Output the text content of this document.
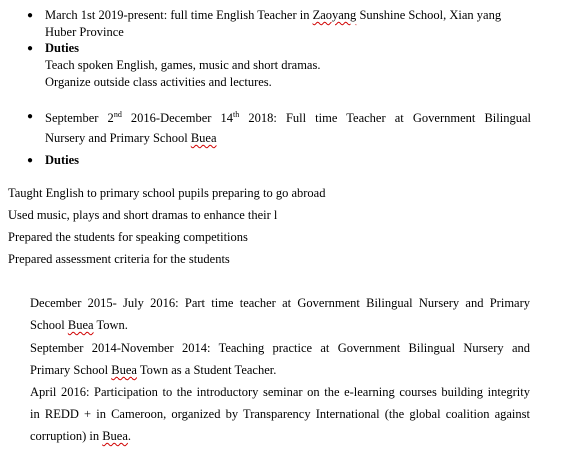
● March 1st 2019-present: full time English Teacher in Zaoyang Sunshine School, Xian yang
Huber Province
● Duties
Teach spoken English, games, music and short dramas.
Organize outside class activities and lectures.
● September 2nd 2016-December 14th 2018: Full time Teacher at Government Bilingual
Nursery and Primary School Buea
● Duties
Taught English to primary school pupils preparing to go abroad
Used music, plays and short dramas to enhance their l
Prepared the students for speaking competitions
Prepared assessment criteria for the students
December 2015- July 2016: Part time teacher at Government Bilingual Nursery and Primary
School Buea Town.
September 2014-November 2014: Teaching practice at Government Bilingual Nursery and
Primary School Buea Town as a Student Teacher.
April 2016: Participation to the introductory seminar on the e-learning courses building integrity
in REDD + in Cameroon, organized by Transparency International (the global coalition against
corruption) in Buea.
